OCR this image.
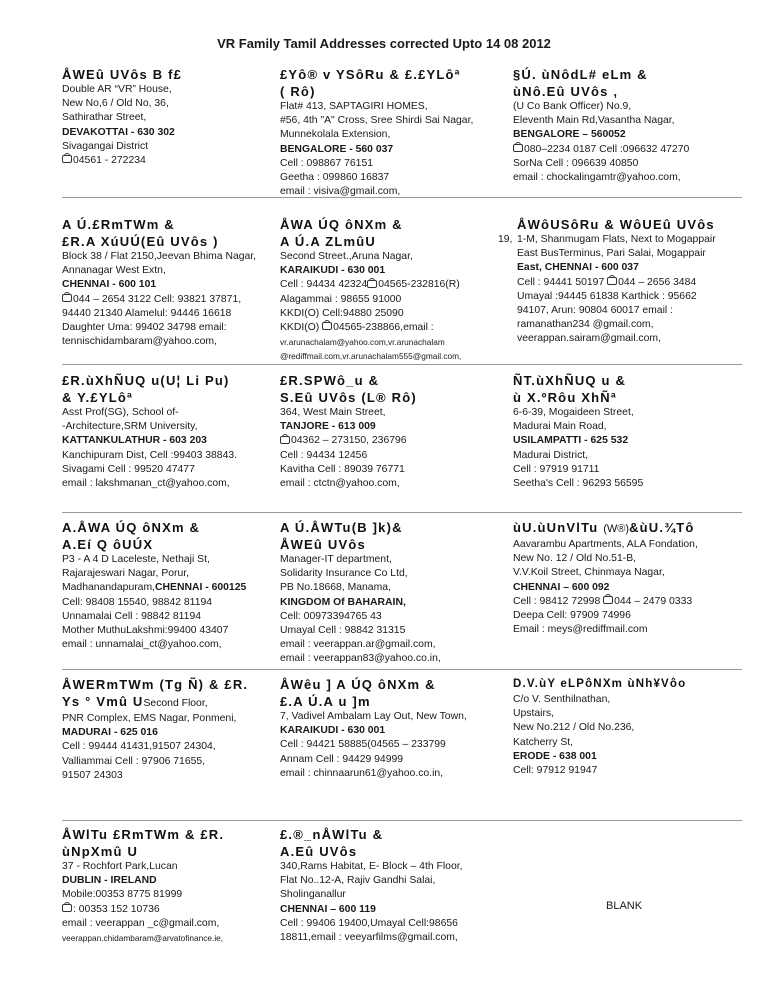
VR Family Tamil Addresses corrected Upto 14 08 2012
ÅWEû UVôs B f£
Double AR “VR” House,
New No,6 / Old No, 36,
Sathirathar Street,
DEVAKOTTAI - 630 302
Sivagangai District
04561 - 272234
£Yô® v YSôRu & £.£YLôª
( Rô)
Flat# 413, SAPTAGIRI HOMES,
#56, 4th "A" Cross, Sree Shirdi Sai Nagar,
Munnekolala Extension,
BENGALORE - 560 037
Cell : 098867 76151
Geetha : 099860 16837
email : visiva@gmail.com,
§Ú. ùNôdL# eLm &
ùNô.Eû UVôs ,
(U Co Bank Officer) No.9,
Eleventh Main Rd,Vasantha Nagar,
BENGALORE – 560052
080–2234 0187 Cell :096632 47270
SorNa Cell : 096639 40850
email : chockalingamtr@yahoo.com,
A Ú.£RmTWm &
£R.A XúUÚ(Eû UVôs )
Block 38 / Flat 2150,Jeevan Bhima Nagar,
Annanagar West Extn,
CHENNAI - 600 101
044 – 2654 3122 Cell: 93821 37871,
94440 21340 Alamelul: 94446 16618
Daughter Uma: 99402 34798 email:
tennischidambaram@yahoo.com,
ÅWA ÚQ ôNXm &
A Ú.A ZLmûU
Second Street.,Aruna Nagar,
KARAIKUDI - 630 001
Cell : 94434 42324 04565-232816(R)
Alagammai : 98655 91000
KKDI(O) Cell:94880 25090
KKDI(O) 04565-238866,email :
vr.arunachalam@yahoo.com,vr.arunachalam
@rediffmail.com,vr.arunachalam555@gmail.com,
ÅWôUSôRu & WôUEû UVôs
19, 1-M, Shanmugam Flats, Next to Mogappair
East BusTerminus, Pari Salai, Mogappair
East, CHENNAI - 600 037
Cell : 94441 50197 044 – 2656 3484
Umayal :94445 61838 Karthick : 95662
94107, Arun: 90804 60017 email :
ramanathan234 @gmail.com,
veerappan.sairam@gmail.com,
£R.ùXhÑUQ u(U¦ Li Pu)
& Y.£YLôª
Asst Prof(SG), School of-
-Architecture,SRM University,
KATTANKULATHUR - 603 203
Kanchipuram Dist, Cell :99403 38843.
Sivagami Cell : 99520 47477
email : lakshmanan_ct@yahoo.com,
£R.SPWô_u &
S.Eû UVôs (L® Rô)
364, West Main Street,
TANJORE - 613 009
04362 – 273150, 236796
Cell : 94434 12456
Kavitha Cell : 89039 76771
email : ctctn@yahoo.com,
ÑT.ùXhÑUQ u &
ù X.ºRôu XhÑª
6-6-39, Mogaideen Street,
Madurai Main Road,
USILAMPATTI - 625 532
Madurai District,
Cell : 97919 91711
Seetha's Cell : 96293 56595
A.ÅWA ÚQ ôNXm &
A.Eí Q ôUÚX
P3 - A 4 D Laceleste, Nethaji St,
Rajarajeswari Nagar, Porur,
Madhanandapuram,CHENNAI - 600125
Cell: 98408 15540, 98842 81194
Unnamalai Cell : 98842 81194
Mother MuthuLakshmi:99400 43407
email : unnamalai_ct@yahoo.com,
A Ú.ÅWTu(B ]k)&
ÅWEû UVôs
Manager-IT department,
Solidarity Insurance Co Ltd,
PB No.18668, Manama,
KINGDOM Of BAHARAIN,
Cell: 00973394765 43
Umayal Cell : 98842 31315
email : veerappan.ar@gmail.com,
email : veerappan83@yahoo.co.in,
ùU.ùUnVlTu (W®)&ùU.¾Tô
Aavarambu Apartments, ALA Fondation,
New No. 12 / Old No.51-B,
V.V.Koil Street, Chinmaya Nagar,
CHENNAI – 600 092
Cell : 98412 72998 044 – 2479 0333
Deepa Cell: 97909 74996
Email : meys@rediffmail.com
ÅWERmTWm (Tg Ñ) & £R.
Ys ° Vmû USecond Floor,
PNR Complex, EMS Nagar, Ponmeni,
MADURAI - 625 016
Cell : 99444 41431,91507 24304,
Valliammai Cell : 97906 71655,
91507 24303
ÅWêu ] A ÚQ ôNXm &
£.A Ú.A u ]m
7, Vadivel Ambalam Lay Out, New Town,
KARAIKUDI - 630 001
Cell : 94421 58885(04565 – 233799
Annam Cell : 94429 94999
email : chinnaarun61@yahoo.co.in,
D.V.ùY eLPôNXm ùNh¥Vôo
C/o V. Senthilnathan,
Upstairs,
New No.212 / Old No.236,
Katcherry St,
ERODE - 638 001
Cell: 97912 91947
ÅWlTu £RmTWm & £R.
ùNpXmû U
37 - Rochfort Park,Lucan
DUBLIN - IRELAND
Mobile:00353 8775 81999
: 00353 152 10736
email : veerappan _c@gmail.com,
veerappan.chidambaram@arvatofinance.ie,
£.®_nÅWlTu &
A.Eû UVôs
340,Rams Habitat, E- Block – 4th Floor,
Flat No..12-A, Rajiv Gandhi Salai,
Sholinganallur
CHENNAI – 600 119
Cell : 99406 19400,Umayal Cell:98656
18811,email : veeyarfilms@gmail.com,
BLANK
